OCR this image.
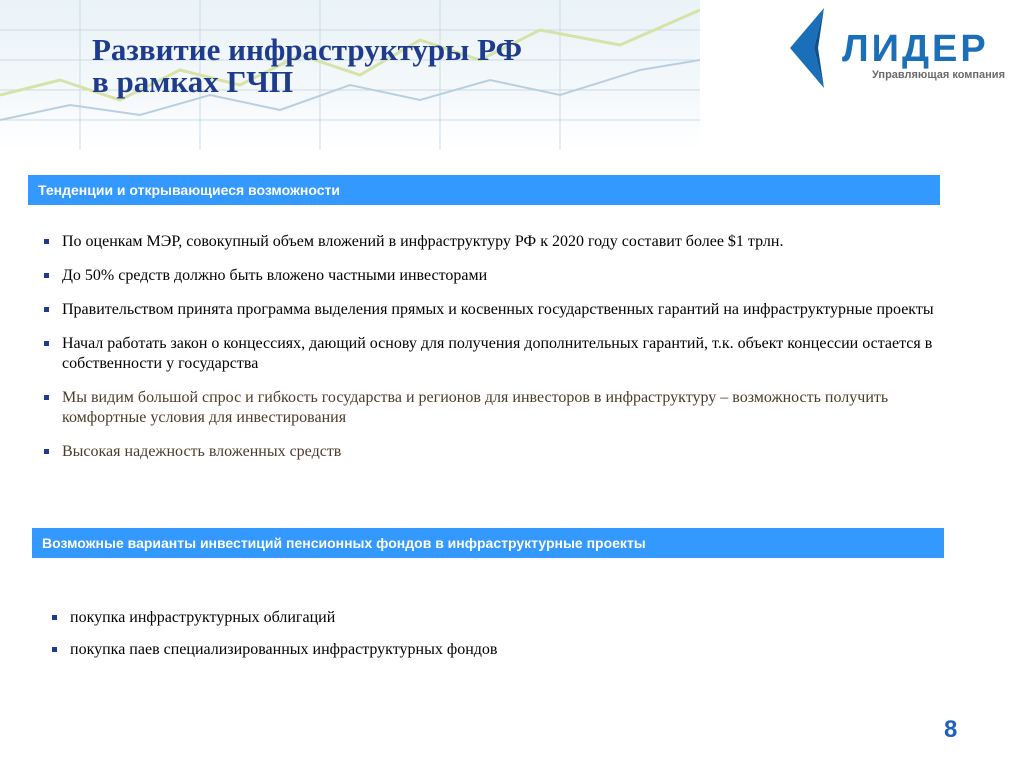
Развитие инфраструктуры РФ
в рамках ГЧП
ЛИДЕР
Управляющая компания
Тенденции и открывающиеся возможности
По оценкам МЭР, совокупный объем вложений в инфраструктуру РФ к 2020 году составит более $1 трлн.
До 50% средств должно быть вложено частными инвесторами
Правительством принята программа выделения прямых и косвенных государственных гарантий на инфраструктурные проекты
Начал работать закон о концессиях, дающий основу для получения дополнительных гарантий, т.к. объект концессии остается в собственности у государства
Мы видим большой спрос и гибкость государства и регионов для инвесторов в инфраструктуру – возможность получить комфортные условия для инвестирования
Высокая надежность вложенных средств
Возможные варианты инвестиций пенсионных фондов в инфраструктурные проекты
покупка инфраструктурных облигаций
покупка паев специализированных инфраструктурных фондов
8
